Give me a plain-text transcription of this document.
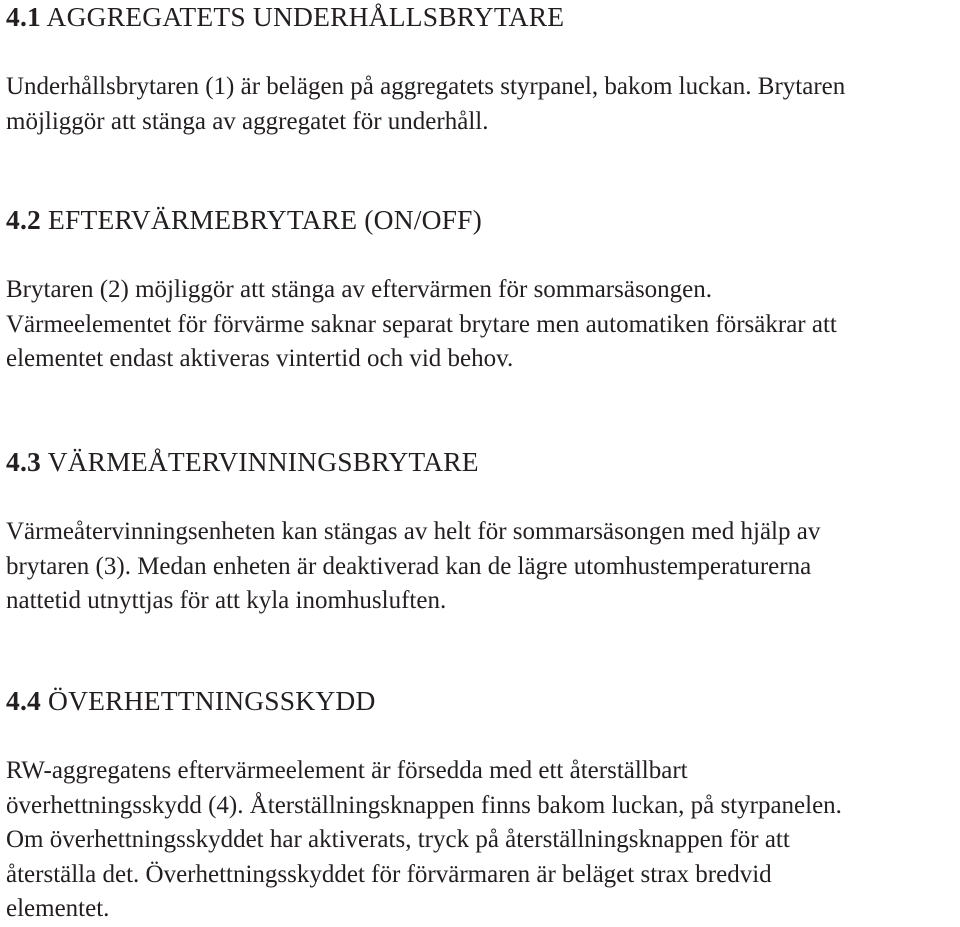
4.1 AGGREGATETS UNDERHÅLLSBRYTARE

Underhållsbrytaren (1) är belägen på aggregatets styrpanel, bakom luckan. Brytaren
möjliggör att stänga av aggregatet för underhåll.

4.2 EFTERVÄRMEBRYTARE (ON/OFF)

Brytaren (2) möjliggör att stänga av eftervärmen för sommarsäsongen.
Värmeelementet för förvärme saknar separat brytare men automatiken försäkrar att
elementet endast aktiveras vintertid och vid behov.

4.3 VÄRMEÅTERVINNINGSBRYTARE

Värmeåtervinningsenheten kan stängas av helt för sommarsäsongen med hjälp av
brytaren (3). Medan enheten är deaktiverad kan de lägre utomhustemperaturerna
nattetid utnyttjas för att kyla inomhusluften.

4.4 ÖVERHETTNINGSSKYDD

RW-aggregatens eftervärmeelement är försedda med ett återställbart
överhettningsskydd (4). Återställningsknappen finns bakom luckan, på styrpanelen.
Om överhettningsskyddet har aktiverats, tryck på återställningsknappen för att
återställa det. Överhettningsskyddet för förvärmaren är beläget strax bredvid
elementet.
